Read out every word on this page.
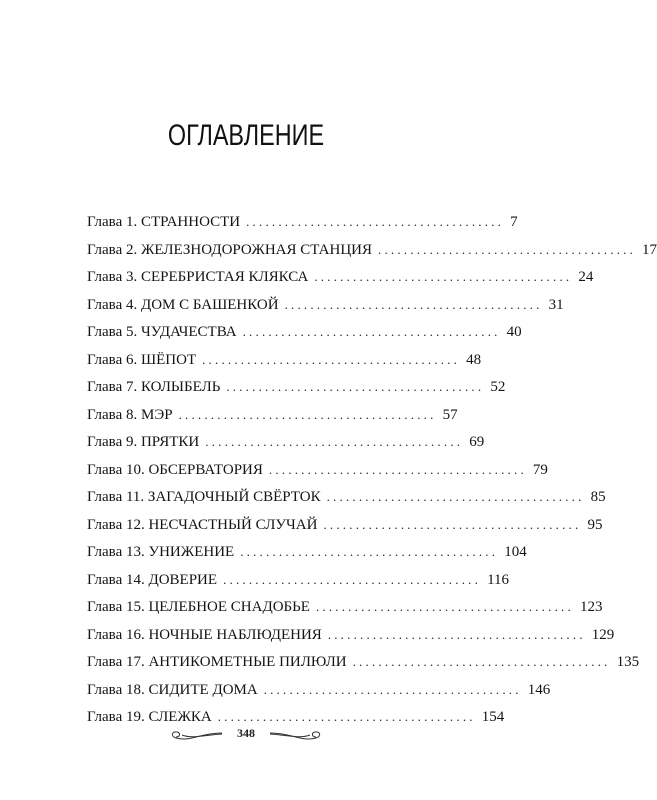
ОГЛАВЛЕНИЕ
Глава 1. СТРАННОСТИ ........................................ 7
Глава 2. ЖЕЛЕЗНОДОРОЖНАЯ СТАНЦИЯ ........................................ 17
Глава 3. СЕРЕБРИСТАЯ КЛЯКСА ........................................ 24
Глава 4. ДОМ С БАШЕНКОЙ ........................................ 31
Глава 5. ЧУДАЧЕСТВА ........................................ 40
Глава 6. ШЁПОТ ........................................ 48
Глава 7. КОЛЫБЕЛЬ ........................................ 52
Глава 8. МЭР ........................................ 57
Глава 9. ПРЯТКИ ........................................ 69
Глава 10. ОБСЕРВАТОРИЯ ........................................ 79
Глава 11. ЗАГАДОЧНЫЙ СВЁРТОК ........................................ 85
Глава 12. НЕСЧАСТНЫЙ СЛУЧАЙ ........................................ 95
Глава 13. УНИЖЕНИЕ ........................................ 104
Глава 14. ДОВЕРИЕ ........................................ 116
Глава 15. ЦЕЛЕБНОЕ СНАДОБЬЕ ........................................ 123
Глава 16. НОЧНЫЕ НАБЛЮДЕНИЯ ........................................ 129
Глава 17. АНТИКОМЕТНЫЕ ПИЛЮЛИ ........................................ 135
Глава 18. СИДИТЕ ДОМА ........................................ 146
Глава 19. СЛЕЖКА ........................................ 154
348
